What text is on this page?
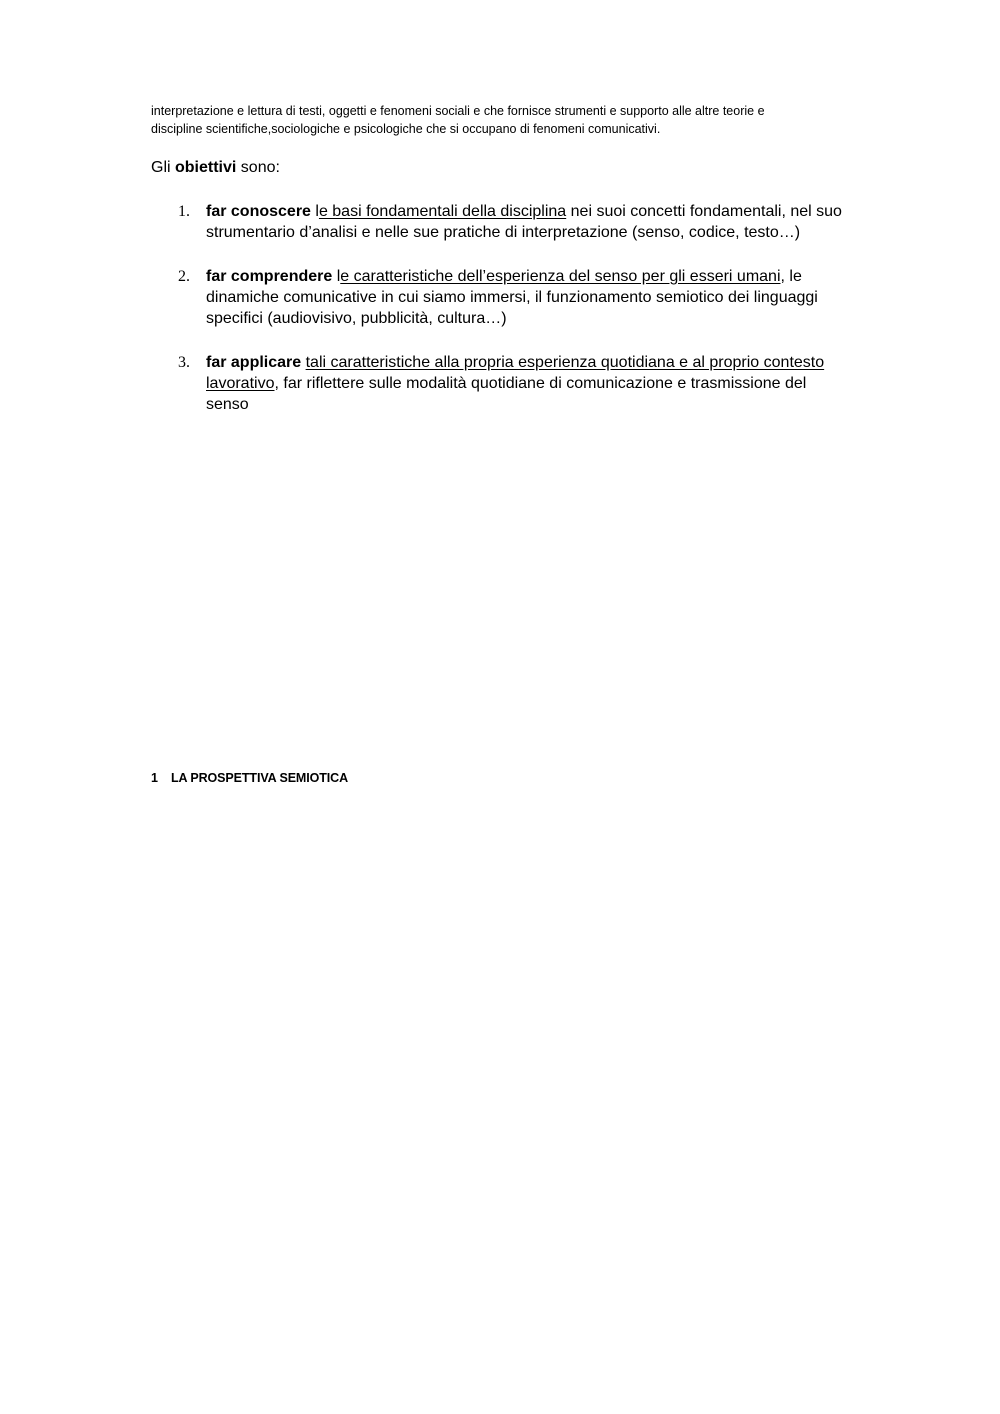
interpretazione e lettura di testi, oggetti e fenomeni sociali e che fornisce strumenti e supporto alle altre teorie e
discipline scientifiche,sociologiche e psicologiche che si occupano di fenomeni comunicativi.

Gli obiettivi sono:

1. far conoscere le basi fondamentali della disciplina nei suoi concetti fondamentali, nel suo strumentario d’analisi e nelle sue pratiche di interpretazione (senso, codice, testo…)
2. far comprendere le caratteristiche dell’esperienza del senso per gli esseri umani, le dinamiche comunicative in cui siamo immersi, il funzionamento semiotico dei linguaggi specifici (audiovisivo, pubblicità, cultura…)
3. far applicare tali caratteristiche alla propria esperienza quotidiana e al proprio contesto lavorativo, far riflettere sulle modalità quotidiane di comunicazione e trasmissione del senso
1 LA PROSPETTIVA SEMIOTICA
